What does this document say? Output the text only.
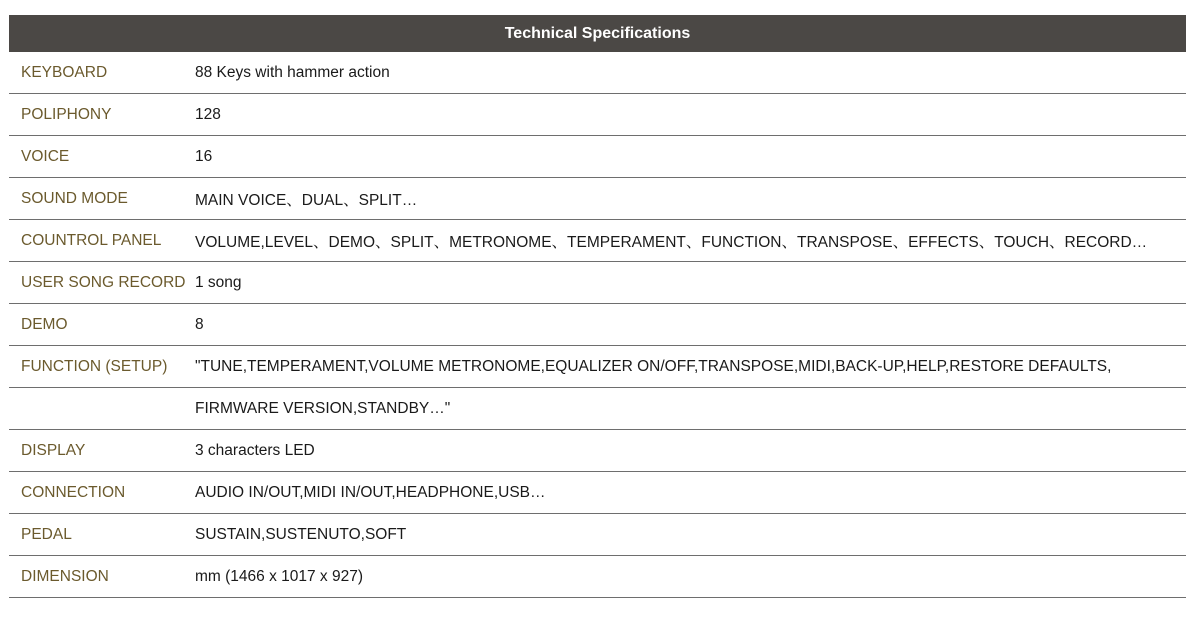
Technical Specifications
KEYBOARD	88 Keys with hammer action
POLIPHONY	128
VOICE	16
SOUND MODE	MAIN VOICE、DUAL、SPLIT…
COUNTROL PANEL	VOLUME,LEVEL、DEMO、SPLIT、METRONOME、TEMPERAMENT、FUNCTION、TRANSPOSE、EFFECTS、TOUCH、RECORD…
USER SONG RECORD 1 song
DEMO	8
FUNCTION (SETUP)	"TUNE,TEMPERAMENT,VOLUME METRONOME,EQUALIZER ON/OFF,TRANSPOSE,MIDI,BACK-UP,HELP,RESTORE DEFAULTS,
FIRMWARE VERSION,STANDBY…"
DISPLAY	3 characters LED
CONNECTION	AUDIO IN/OUT,MIDI IN/OUT,HEADPHONE,USB…
PEDAL	SUSTAIN,SUSTENUTO,SOFT
DIMENSION	mm (1466 x 1017 x 927)
